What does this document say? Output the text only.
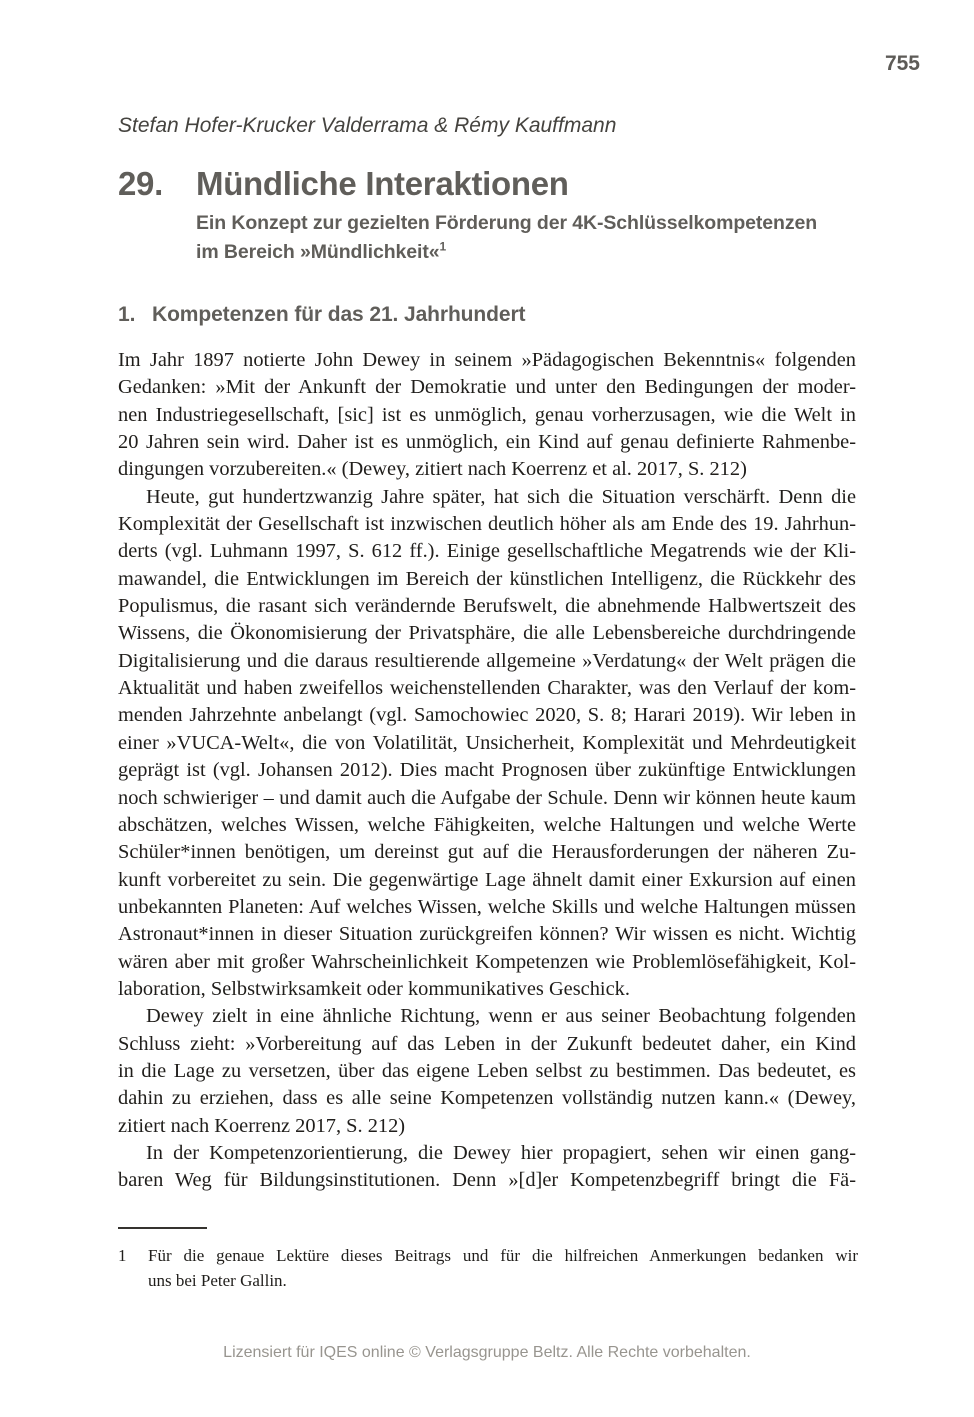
755
Stefan Hofer-Krucker Valderrama & Rémy Kauffmann
29.	Mündliche Interaktionen
Ein Konzept zur gezielten Förderung der 4K-Schlüsselkompetenzen
im Bereich »Mündlichkeit«$^1$
1. Kompetenzen für das 21. Jahrhundert
Im Jahr 1897 notierte John Dewey in seinem »Pädagogischen Bekenntnis« folgenden
Gedanken: »Mit der Ankunft der Demokratie und unter den Bedingungen der moder-
nen Industriegesellschaft, [sic] ist es unmöglich, genau vorherzusagen, wie die Welt in
20 Jahren sein wird. Daher ist es unmöglich, ein Kind auf genau definierte Rahmenbe-
dingungen vorzubereiten.« (Dewey, zitiert nach Koerrenz et al. 2017, S. 212)
Heute, gut hundertzwanzig Jahre später, hat sich die Situation verschärft. Denn die
Komplexität der Gesellschaft ist inzwischen deutlich höher als am Ende des 19. Jahrhun-
derts (vgl. Luhmann 1997, S. 612 ff.). Einige gesellschaftliche Megatrends wie der Kli-
mawandel, die Entwicklungen im Bereich der künstlichen Intelligenz, die Rückkehr des
Populismus, die rasant sich verändernde Berufswelt, die abnehmende Halbwertszeit des
Wissens, die Ökonomisierung der Privatsphäre, die alle Lebensbereiche durchdringende
Digitalisierung und die daraus resultierende allgemeine »Verdatung« der Welt prägen die
Aktualität und haben zweifellos weichenstellenden Charakter, was den Verlauf der kom-
menden Jahrzehnte anbelangt (vgl. Samochowiec 2020, S. 8; Harari 2019). Wir leben in
einer »VUCA-Welt«, die von Volatilität, Unsicherheit, Komplexität und Mehrdeutigkeit
geprägt ist (vgl. Johansen 2012). Dies macht Prognosen über zukünftige Entwicklungen
noch schwieriger – und damit auch die Aufgabe der Schule. Denn wir können heute kaum
abschätzen, welches Wissen, welche Fähigkeiten, welche Haltungen und welche Werte
Schüler*innen benötigen, um dereinst gut auf die Herausforderungen der näheren Zu-
kunft vorbereitet zu sein. Die gegenwärtige Lage ähnelt damit einer Exkursion auf einen
unbekannten Planeten: Auf welches Wissen, welche Skills und welche Haltungen müssen
Astronaut*innen in dieser Situation zurückgreifen können? Wir wissen es nicht. Wichtig
wären aber mit großer Wahrscheinlichkeit Kompetenzen wie Problemlösefähigkeit, Kol-
laboration, Selbstwirksamkeit oder kommunikatives Geschick.
Dewey zielt in eine ähnliche Richtung, wenn er aus seiner Beobachtung folgenden
Schluss zieht: »Vorbereitung auf das Leben in der Zukunft bedeutet daher, ein Kind
in die Lage zu versetzen, über das eigene Leben selbst zu bestimmen. Das bedeutet, es
dahin zu erziehen, dass es alle seine Kompetenzen vollständig nutzen kann.« (Dewey,
zitiert nach Koerrenz 2017, S. 212)
In der Kompetenzorientierung, die Dewey hier propagiert, sehen wir einen gang-
baren Weg für Bildungsinstitutionen. Denn »[d]er Kompetenzbegriff bringt die Fä-
1	Für die genaue Lektüre dieses Beitrags und für die hilfreichen Anmerkungen bedanken wir
uns bei Peter Gallin.
Lizensiert für IQES online © Verlagsgruppe Beltz. Alle Rechte vorbehalten.
